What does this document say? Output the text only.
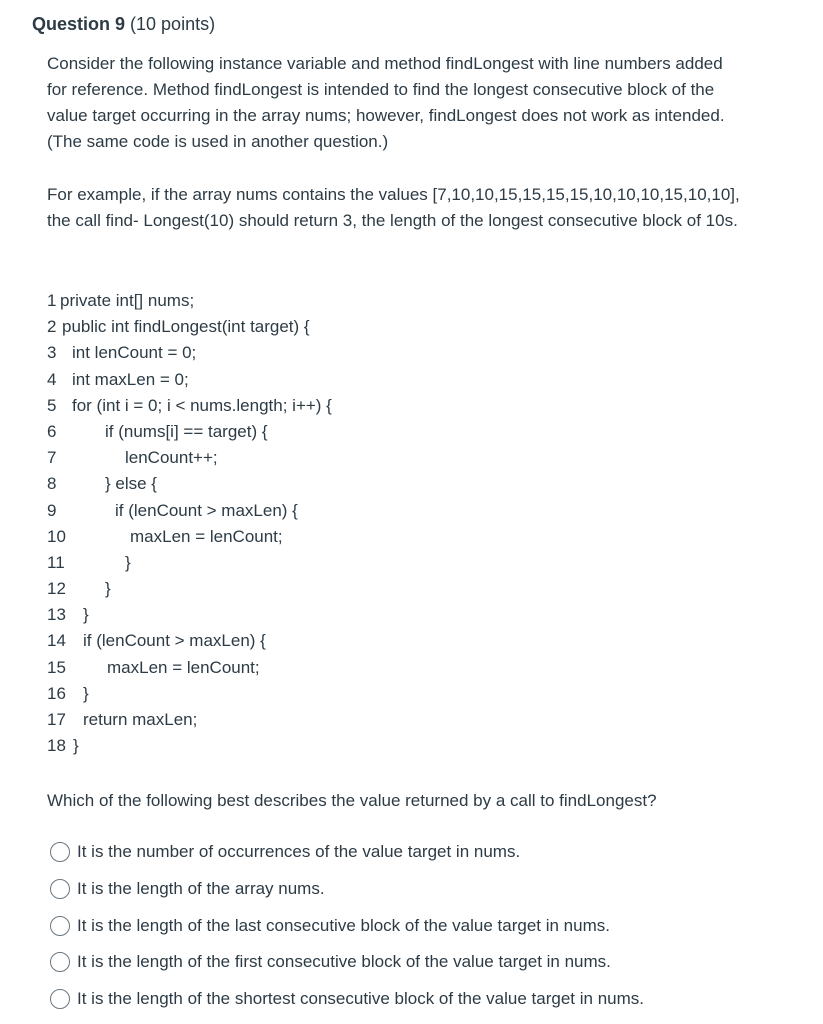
Question 9 (10 points)
Consider the following instance variable and method findLongest with line numbers added for reference. Method findLongest is intended to find the longest consecutive block of the value target occurring in the array nums; however, findLongest does not work as intended. (The same code is used in another question.)
For example, if the array nums contains the values [7,10,10,15,15,15,15,10,10,10,15,10,10], the call find- Longest(10) should return 3, the length of the longest consecutive block of 10s.
1 private int[] nums;
2 public int findLongest(int target) {
3 int lenCount = 0;
4 int maxLen = 0;
5 for (int i = 0; i < nums.length; i++) {
6	if (nums[i] == target) {
7	lenCount++;
8	} else {
9	if (lenCount > maxLen) {
10	maxLen = lenCount;
11	}
12 }
13 }
14 if (lenCount > maxLen) {
15 maxLen = lenCount;
16 }
17 return maxLen;
18 }
Which of the following best describes the value returned by a call to findLongest?
It is the number of occurrences of the value target in nums.
It is the length of the array nums.
It is the length of the last consecutive block of the value target in nums.
It is the length of the first consecutive block of the value target in nums.
It is the length of the shortest consecutive block of the value target in nums.
